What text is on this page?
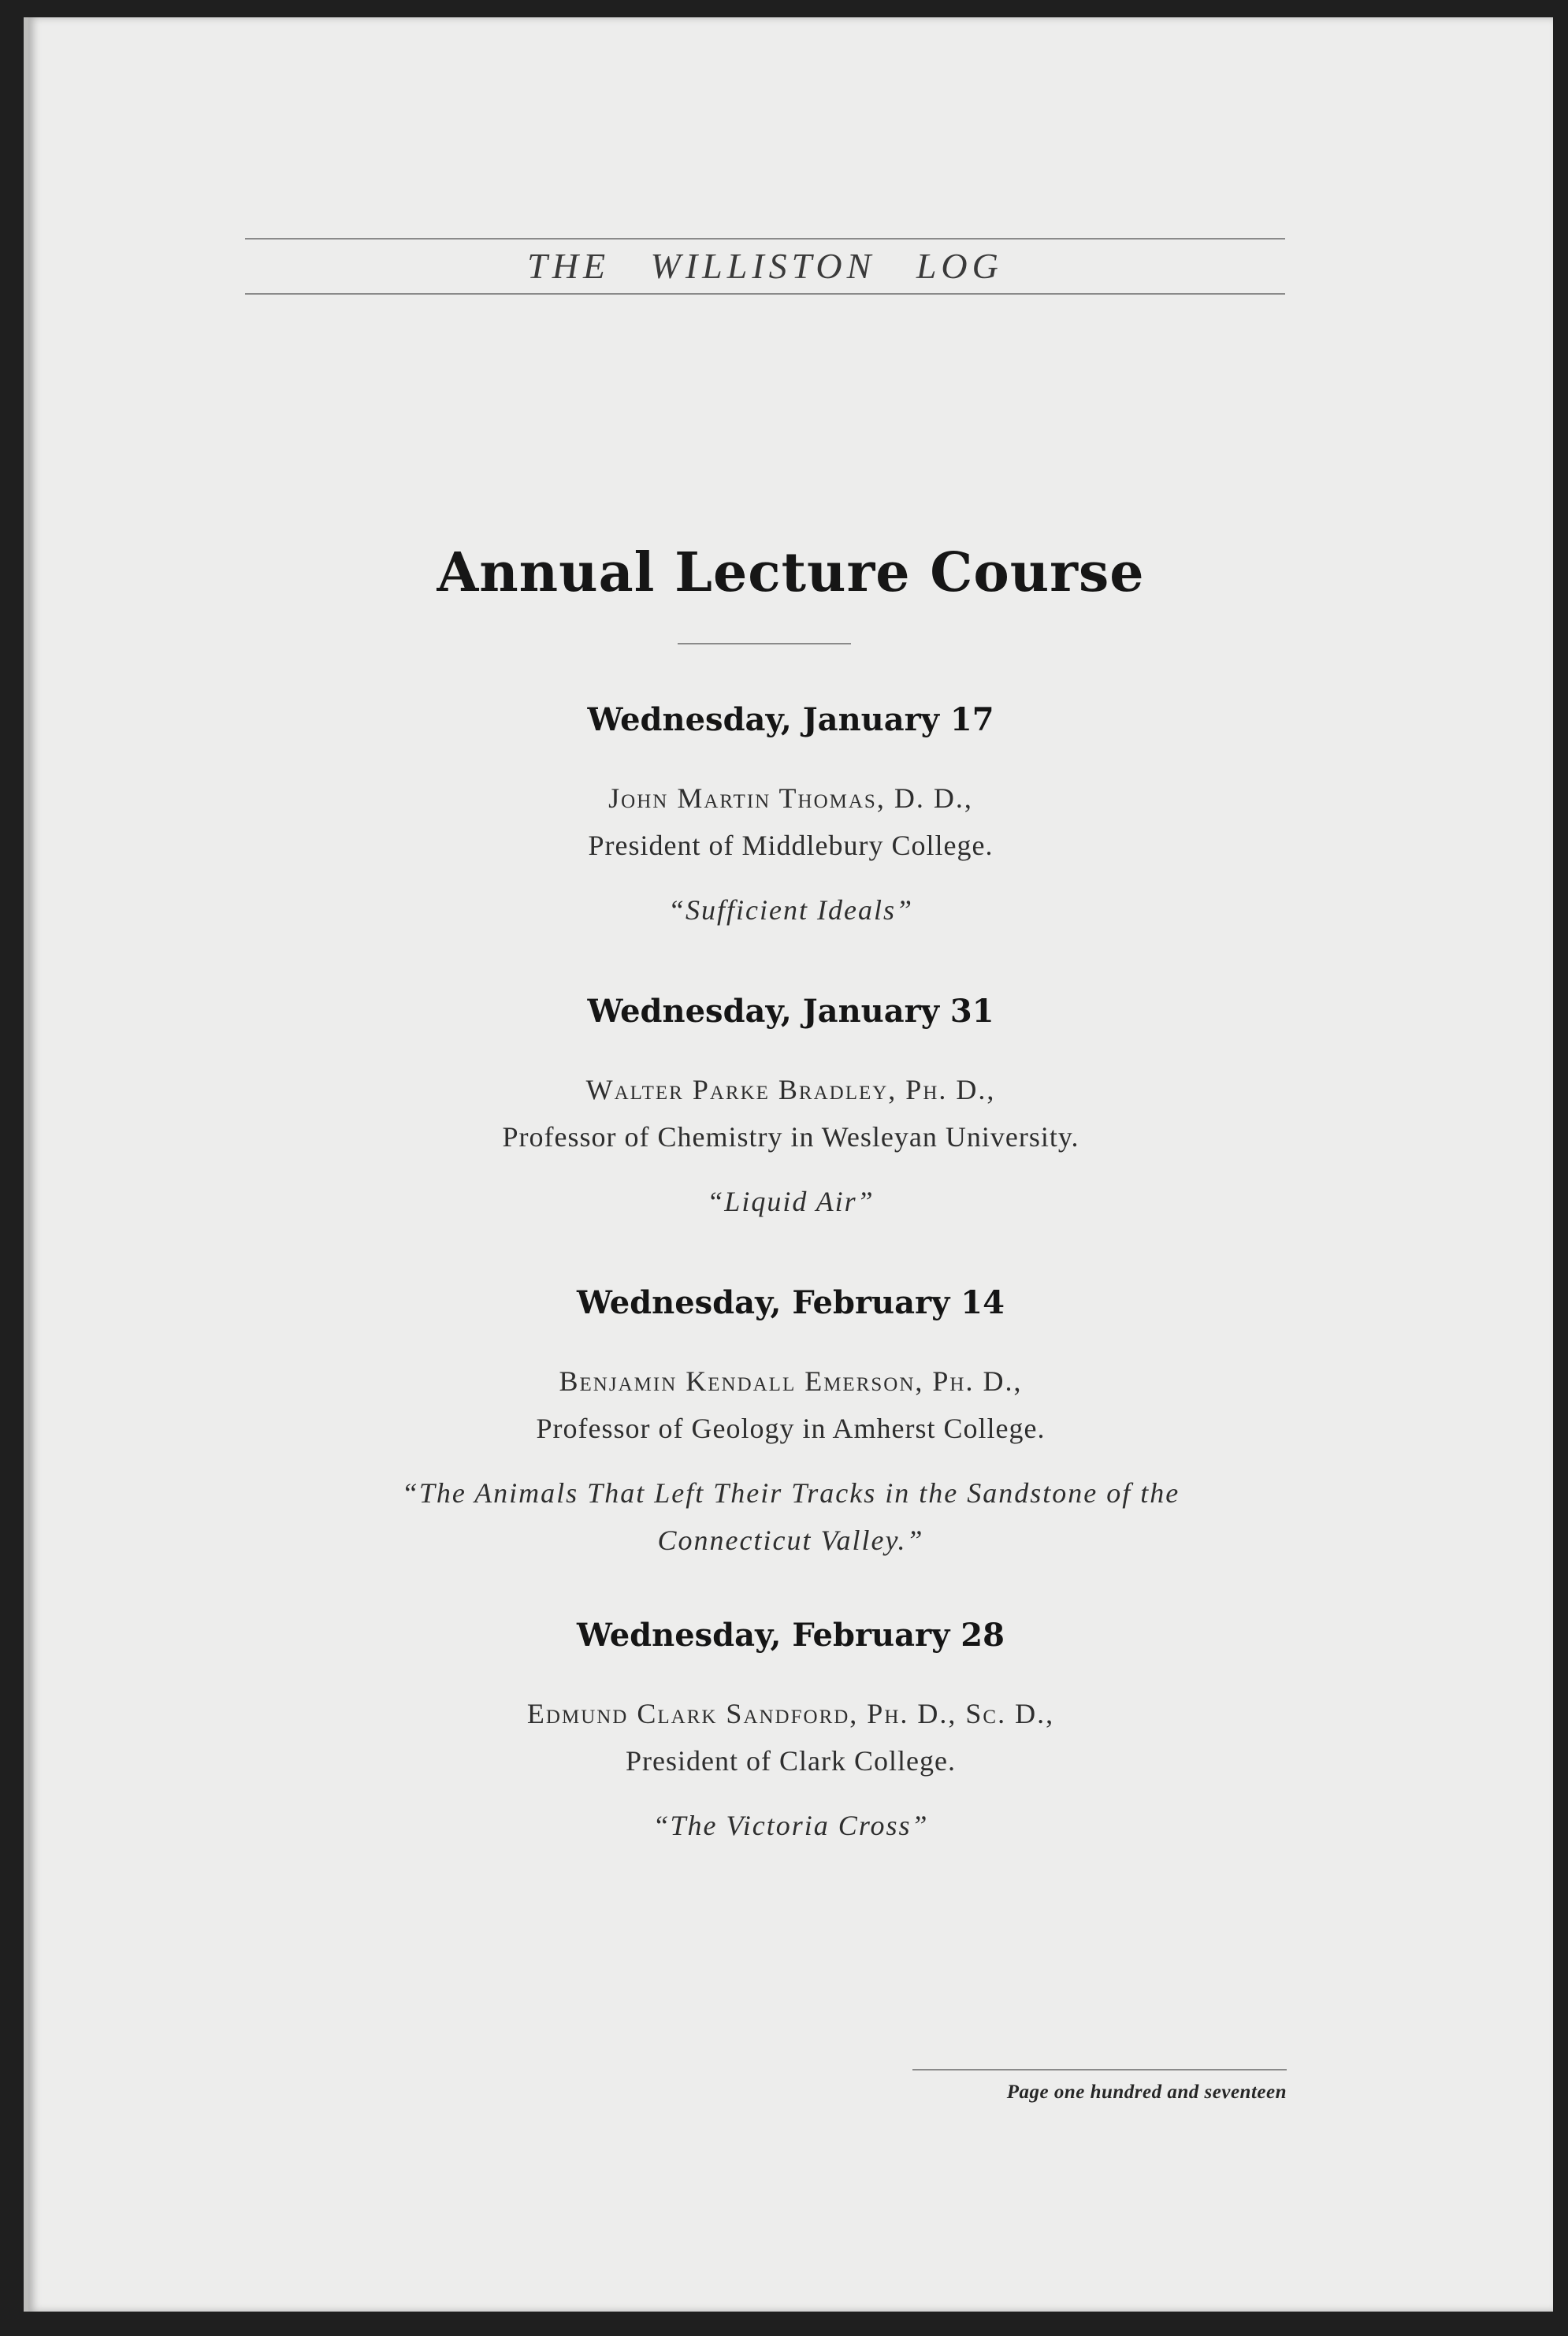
THE WILLISTON LOG
Annual Lecture Course
Wednesday, January 17
John Martin Thomas, D. D.,
President of Middlebury College.
“Sufficient Ideals”
Wednesday, January 31
Walter Parke Bradley, Ph. D.,
Professor of Chemistry in Wesleyan University.
“Liquid Air”
Wednesday, February 14
Benjamin Kendall Emerson, Ph. D.,
Professor of Geology in Amherst College.
“The Animals That Left Their Tracks in the Sandstone of the Connecticut Valley.”
Wednesday, February 28
Edmund Clark Sandford, Ph. D., Sc. D.,
President of Clark College.
“The Victoria Cross”
Page one hundred and seventeen
